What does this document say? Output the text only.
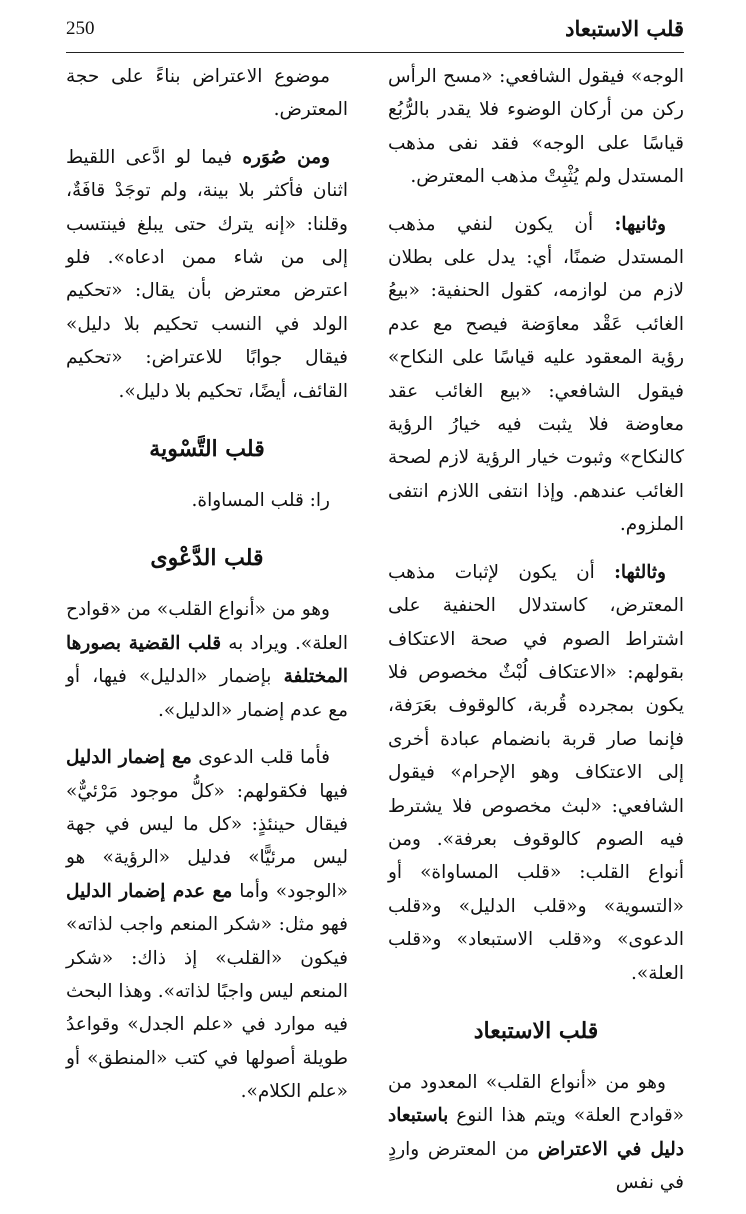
250	قلب الاستبعاد

الوجه» فيقول الشافعي: «مسح الرأس ركن من أركان الوضوء فلا يقدر بالرُّبُع قياسًا على الوجه» فقد نفى مذهب المستدل ولم يُثْبِتْ مذهب المعترض.

وثانيها: أن يكون لنفي مذهب المستدل ضمنًا، أي: يدل على بطلان لازم من لوازمه، كقول الحنفية: «بيعُ الغائب عَقْد معاوَضة فيصح مع عدم رؤية المعقود عليه قياسًا على النكاح» فيقول الشافعي: «بيع الغائب عقد معاوضة فلا يثبت فيه خيارُ الرؤية كالنكاح» وثبوت خيار الرؤية لازم لصحة الغائب عندهم. وإذا انتفى اللازم انتفى الملزوم.

وثالثها: أن يكون لإثبات مذهب المعترض، كاستدلال الحنفية على اشتراط الصوم في صحة الاعتكاف بقولهم: «الاعتكاف لُبْثٌ مخصوص فلا يكون بمجرده قُربة، كالوقوف بعَرَفة، فإنما صار قربة بانضمام عبادة أخرى إلى الاعتكاف وهو الإحرام» فيقول الشافعي: «لبث مخصوص فلا يشترط فيه الصوم كالوقوف بعرفة». ومن أنواع القلب: «قلب المساواة» أو «التسوية» و«قلب الدليل» و«قلب الدعوى» و«قلب الاستبعاد» و«قلب العلة».

قلب الاستبعاد

وهو من «أنواع القلب» المعدود من «قوادح العلة» ويتم هذا النوع باستبعاد دليل في الاعتراض من المعترض واردٍ في نفس

موضوع الاعتراض بناءً على حجة المعترض.

ومن صُوَره فيما لو ادَّعى اللقيط اثنان فأكثر بلا بينة، ولم توجَدْ قافَةٌ، وقلنا: «إنه يترك حتى يبلغ فينتسب إلى من شاء ممن ادعاه». فلو اعترض معترض بأن يقال: «تحكيم الولد في النسب تحكيم بلا دليل» فيقال جوابًا للاعتراض: «تحكيم القائف، أيضًا، تحكيم بلا دليل».

قلب التَّسْوية

را: قلب المساواة.

قلب الدَّعْوى

وهو من «أنواع القلب» من «قوادح العلة». ويراد به قلب القضية بصورها المختلفة بإضمار «الدليل» فيها، أو مع عدم إضمار «الدليل».

فأما قلب الدعوى مع إضمار الدليل فيها فكقولهم: «كلُّ موجود مَرْئيٌّ» فيقال حينئذٍ: «كل ما ليس في جهة ليس مرئيًّا» فدليل «الرؤية» هو «الوجود» وأما مع عدم إضمار الدليل فهو مثل: «شكر المنعم واجب لذاته» فيكون «القلب» إذ ذاك: «شكر المنعم ليس واجبًا لذاته». وهذا البحث فيه موارد في «علم الجدل» وقواعدُ طويلة أصولها في كتب «المنطق» أو «علم الكلام».
